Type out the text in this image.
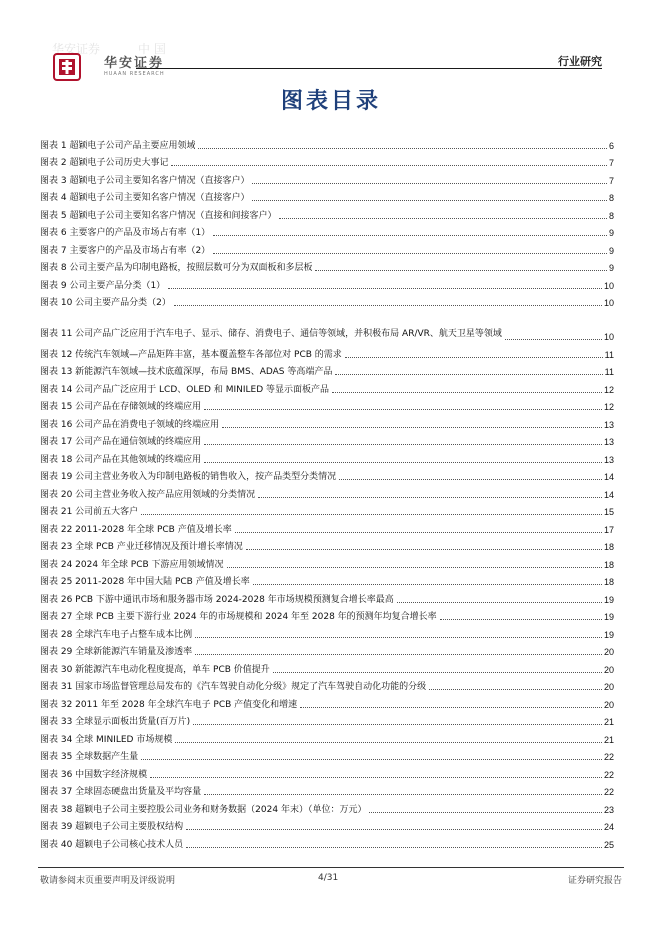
华安证券	中 国
华安证券
HUAAN RESEARCH
行业研究
图表目录
图表 1 超颖电子公司产品主要应用领域	6
图表 2 超颖电子公司历史大事记	7
图表 3 超颖电子公司主要知名客户情况（直接客户）	7
图表 4 超颖电子公司主要知名客户情况（直接客户）	8
图表 5 超颖电子公司主要知名客户情况（直接和间接客户）	8
图表 6 主要客户的产品及市场占有率（1）	9
图表 7 主要客户的产品及市场占有率（2）	9
图表 8 公司主要产品为印制电路板，按照层数可分为双面板和多层板	9
图表 9 公司主要产品分类（1）	10
图表 10 公司主要产品分类（2）	10
图表 11 公司产品广泛应用于汽车电子、显示、储存、消费电子、通信等领域，并积极布局 AR/VR、航天卫星等领域	10
图表 12 传统汽车领域—产品矩阵丰富，基本覆盖整车各部位对 PCB 的需求	11
图表 13 新能源汽车领域—技术底蕴深厚，布局 BMS、ADAS 等高端产品	11
图表 14 公司产品广泛应用于 LCD、OLED 和 MINILED 等显示面板产品	12
图表 15 公司产品在存储领域的终端应用	12
图表 16 公司产品在消费电子领域的终端应用	13
图表 17 公司产品在通信领域的终端应用	13
图表 18 公司产品在其他领域的终端应用	13
图表 19 公司主营业务收入为印制电路板的销售收入，按产品类型分类情况	14
图表 20 公司主营业务收入按产品应用领域的分类情况	14
图表 21 公司前五大客户	15
图表 22 2011-2028 年全球 PCB 产值及增长率	17
图表 23 全球 PCB 产业迁移情况及预计增长率情况	18
图表 24 2024 年全球 PCB 下游应用领域情况	18
图表 25 2011-2028 年中国大陆 PCB 产值及增长率	18
图表 26 PCB 下游中通讯市场和服务器市场 2024-2028 年市场规模预测复合增长率最高	19
图表 27 全球 PCB 主要下游行业 2024 年的市场规模和 2024 年至 2028 年的预测年均复合增长率	19
图表 28 全球汽车电子占整车成本比例	19
图表 29 全球新能源汽车销量及渗透率	20
图表 30 新能源汽车电动化程度提高，单车 PCB 价值提升	20
图表 31 国家市场监督管理总局发布的《汽车驾驶自动化分级》规定了汽车驾驶自动化功能的分级	20
图表 32 2011 年至 2028 年全球汽车电子 PCB 产值变化和增速	20
图表 33 全球显示面板出货量(百万片)	21
图表 34 全球 MINILED 市场规模	21
图表 35 全球数据产生量	22
图表 36 中国数字经济规模	22
图表 37 全球固态硬盘出货量及平均容量	22
图表 38 超颖电子公司主要控股公司业务和财务数据（2024 年末）（单位：万元）	23
图表 39 超颖电子公司主要股权结构	24
图表 40 超颖电子公司核心技术人员	25
敬请参阅末页重要声明及评级说明	4/31	证券研究报告
